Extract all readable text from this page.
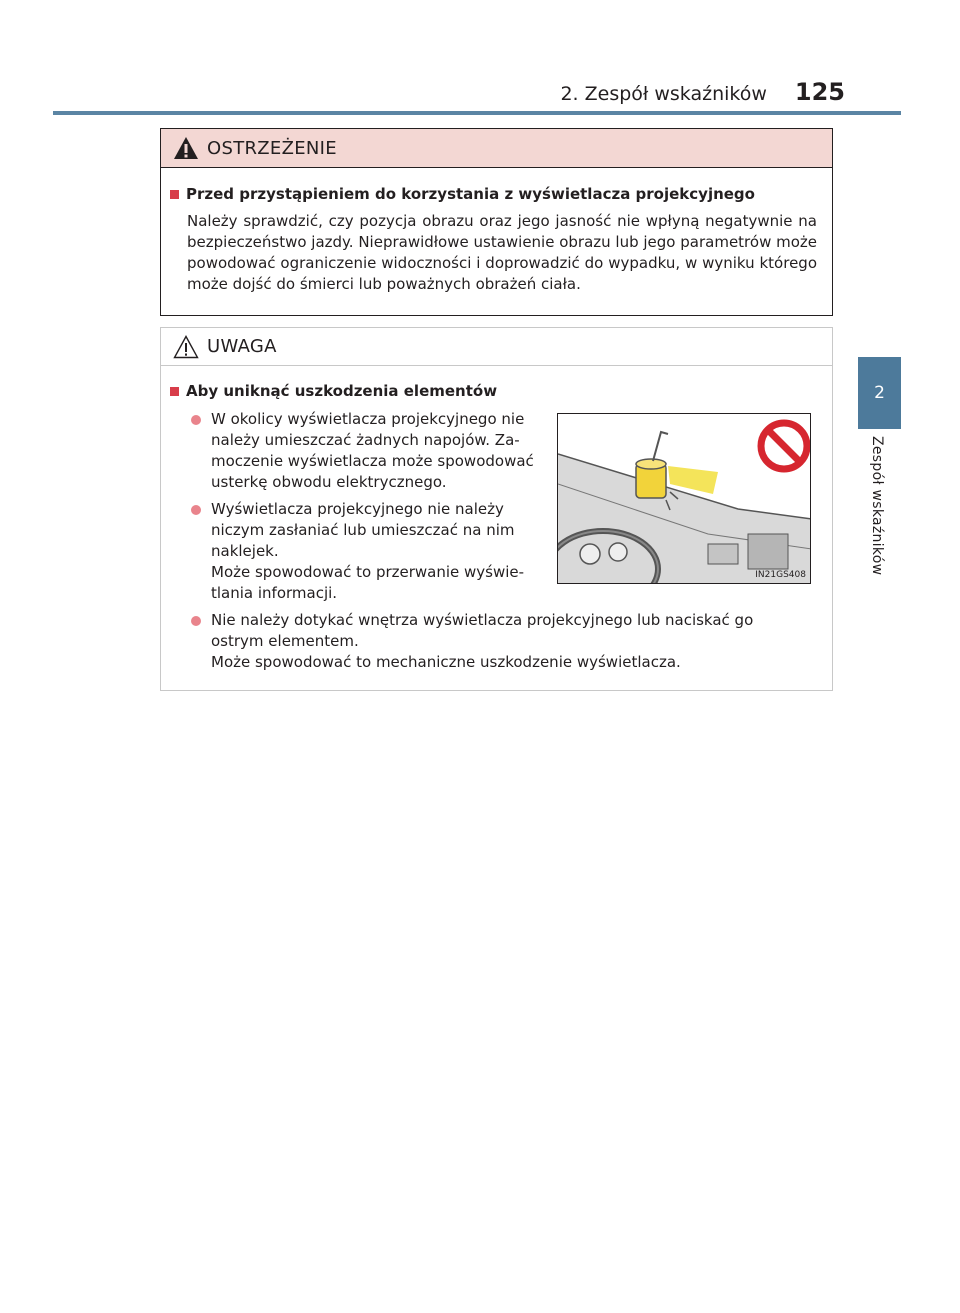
2. Zespół wskaźników 125
2
Zespół wskaźników
OSTRZEŻENIE
Przed przystąpieniem do korzystania z wyświetlacza projekcyjnego

Należy sprawdzić, czy pozycja obrazu oraz jego jasność nie wpłyną negatywnie na bezpieczeństwo jazdy. Nieprawidłowe ustawienie obrazu lub jego parametrów może powodować ograniczenie widoczności i doprowadzić do wypadku, w wyniku którego może dojść do śmierci lub poważnych obrażeń ciała.

UWAGA
Aby uniknąć uszkodzenia elementów
W okolicy wyświetlacza projekcyjnego nie
należy umieszczać żadnych napojów. Za-
moczenie wyświetlacza może spowodować
usterkę obwodu elektrycznego.
Wyświetlacza projekcyjnego nie należy
niczym zasłaniać lub umieszczać na nim
naklejek.
Może spowodować to przerwanie wyświe-
tlania informacji.
Nie należy dotykać wnętrza wyświetlacza projekcyjnego lub naciskać go
ostrym elementem.
Może spowodować to mechaniczne uszkodzenie wyświetlacza.
IN21GS408
